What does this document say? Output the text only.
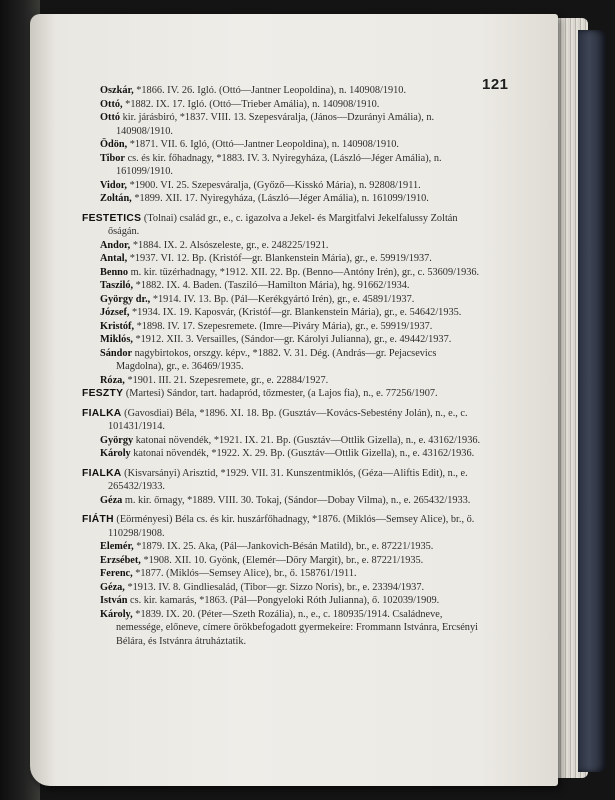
121
Oszkár, *1866. IV. 26. Igló. (Ottó—Jantner Leopoldina), n. 140908/1910.
Ottó, *1882. IX. 17. Igló. (Ottó—Trieber Amália), n. 140908/1910.
Ottó kir. járásbiró, *1837. VIII. 13. Szepesváralja, (János—Dzurányi Amália), n. 140908/1910.
Ödön, *1871. VII. 6. Igló, (Ottó—Jantner Leopoldina), n. 140908/1910.
Tibor cs. és kir. főhadnagy, *1883. IV. 3. Nyiregyháza, (László—Jéger Amália), n. 161099/1910.
Vidor, *1900. VI. 25. Szepesváralja, (Győző—Kisskó Mária), n. 92808/1911.
Zoltán, *1899. XII. 17. Nyiregyháza, (László—Jéger Amália), n. 161099/1910.
FESTETICS (Tolnai) család gr., e., c. igazolva a Jekel- és Margitfalvi Jekelfalussy Zoltán őságán.
Andor, *1884. IX. 2. Alsószeleste, gr., e. 248225/1921.
Antal, *1937. VI. 12. Bp. (Kristóf—gr. Blankenstein Mária), gr., e. 59919/1937.
Benno m. kir. tüzérhadnagy, *1912. XII. 22. Bp. (Benno—Antóny Irén), gr., c. 53609/1936.
Tasziló, *1882. IX. 4. Baden. (Tasziló—Hamilton Mária), hg. 91662/1934.
György dr., *1914. IV. 13. Bp. (Pál—Kerékgyártó Irén), gr., e. 45891/1937.
József, *1934. IX. 19. Kaposvár, (Kristóf—gr. Blankenstein Mária), gr., e. 54642/1935.
Kristóf, *1898. IV. 17. Szepesremete. (Imre—Piváry Mária), gr., e. 59919/1937.
Miklós, *1912. XII. 3. Versailles, (Sándor—gr. Károlyi Julianna), gr., e. 49442/1937.
Sándor nagybirtokos, orszgy. képv., *1882. V. 31. Dég. (András—gr. Pejacsevics Magdolna), gr., e. 36469/1935.
Róza, *1901. III. 21. Szepesremete, gr., e. 22884/1927.
FESZTY (Martesi) Sándor, tart. hadapród, tőzmester, (a Lajos fia), n., e. 77256/1907.
FIALKA (Gavosdiai) Béla, *1896. XI. 18. Bp. (Gusztáv—Kovács-Sebestény Jolán), n., e., c. 101431/1914.
György katonai növendék, *1921. IX. 21. Bp. (Gusztáv—Ottlik Gizella), n., e. 43162/1936.
Károly katonai növendék, *1922. X. 29. Bp. (Gusztáv—Ottlik Gizella), n., e. 43162/1936.
FIALKA (Kisvarsányi) Arisztid, *1929. VII. 31. Kunszentmiklós, (Géza—Aliftis Edit), n., e. 265432/1933.
Géza m. kir. őrnagy, *1889. VIII. 30. Tokaj, (Sándor—Dobay Vilma), n., e. 265432/1933.
FIÁTH (Eörményesi) Béla cs. és kir. huszárfőhadnagy, *1876. (Miklós—Semsey Alice), br., ő. 110298/1908.
Elemér, *1879. IX. 25. Aka, (Pál—Jankovich-Bésán Matild), br., e. 87221/1935.
Erzsébet, *1908. XII. 10. Gyönk, (Elemér—Döry Margit), br., e. 87221/1935.
Ferenc, *1877. (Miklós—Semsey Alice), br., ő. 158761/1911.
Géza, *1913. IV. 8. Gindliesalád, (Tibor—gr. Sizzo Noris), br., e. 23394/1937.
István cs. kir. kamarás, *1863. (Pál—Pongyeloki Róth Julianna), ő. 102039/1909.
Károly, *1839. IX. 20. (Péter—Szeth Rozália), n., e., c. 180935/1914. Családneve, nemessége, előneve, címere örökbefogadott gyermekeire: Frommann Istvánra, Ercsényi Bélára, és Istvánra átruháztatik.
